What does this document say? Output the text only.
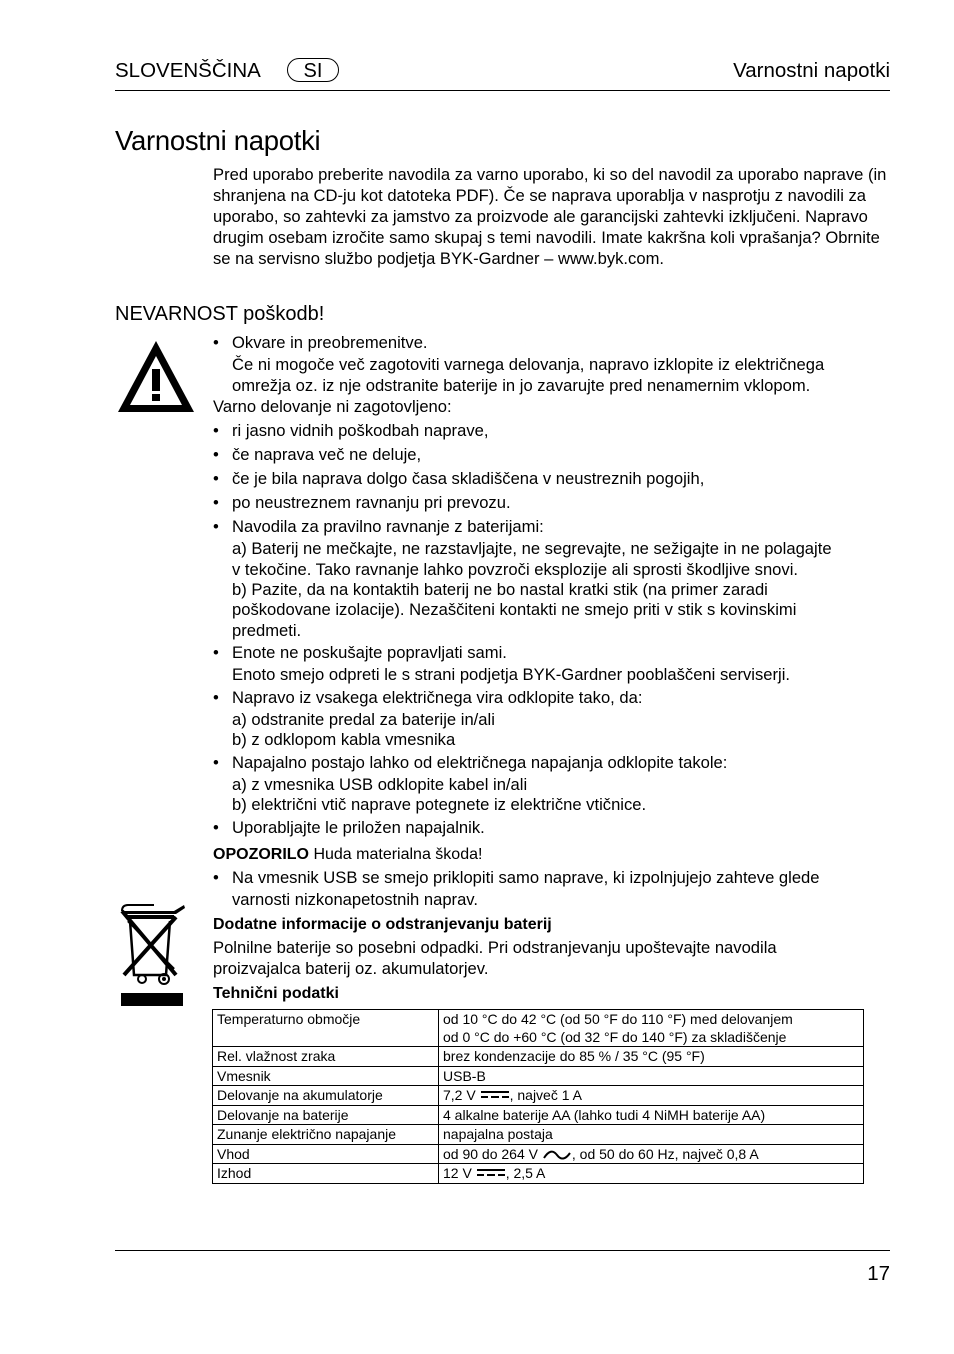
SLOVENŠČINA	SI	Varnostni napotki
Varnostni napotki
Pred uporabo preberite navodila za varno uporabo, ki so del navodil za uporabo naprave (in shranjena na CD-ju kot datoteka PDF). Če se naprava uporablja v nasprotju z navodili za uporabo, so zahtevki za jamstvo za proizvode ale garancijski zahtevki izključeni. Napravo drugim osebam izročite samo skupaj s temi navodili. Imate kakršna koli vprašanja? Obrnite se na servisno službo podjetja BYK-Gardner – www.byk.com.
NEVARNOST poškodb!
• Okvare in preobremenitve.
Če ni mogoče več zagotoviti varnega delovanja, napravo izklopite iz električnega
omrežja oz. iz nje odstranite baterije in jo zavarujte pred nenamernim vklopom.
Varno delovanje ni zagotovljeno:
• ri jasno vidnih poškodbah naprave,
• če naprava več ne deluje,
• če je bila naprava dolgo časa skladiščena v neustreznih pogojih,
• po neustreznem ravnanju pri prevozu.
• Navodila za pravilno ravnanje z baterijami:
a) Baterij ne mečkajte, ne razstavljajte, ne segrevajte, ne sežigajte in ne polagajte
v tekočine. Tako ravnanje lahko povzroči eksplozije ali sprosti škodljive snovi.
b) Pazite, da na kontaktih baterij ne bo nastal kratki stik (na primer zaradi
poškodovane izolacije). Nezaščiteni kontakti ne smejo priti v stik s kovinskimi
predmeti.
• Enote ne poskušajte popravljati sami.
Enoto smejo odpreti le s strani podjetja BYK-Gardner pooblaščeni serviserji.
• Napravo iz vsakega električnega vira odklopite tako, da:
a) odstranite predal za baterije in/ali
b) z odklopom kabla vmesnika
• Napajalno postajo lahko od električnega napajanja odklopite takole:
a) z vmesnika USB odklopite kabel in/ali
b) električni vtič naprave potegnete iz električne vtičnice.
• Uporabljajte le priložen napajalnik.
OPOZORILO Huda materialna škoda!
• Na vmesnik USB se smejo priklopiti samo naprave, ki izpolnjujejo zahteve glede
varnosti nizkonapetostnih naprav.
Dodatne informacije o odstranjevanju baterij
Polnilne baterije so posebni odpadki. Pri odstranjevanju upoštevajte navodila
proizvajalca baterij oz. akumulatorjev.
Tehnični podatki
Temperaturno območje	od 10 °C do 42 °C (od 50 °F do 110 °F) med delovanjem
od 0 °C do +60 °C (od 32 °F do 140 °F) za skladiščenje

Rel. vlažnost zraka	brez kondenzacije do 85 % / 35 °C (95 °F)
Vmesnik	USB-B
Delovanje na akumulatorje	7,2 V , največ 1 A
Delovanje na baterije	4 alkalne baterije AA (lahko tudi 4 NiMH baterije AA)
Zunanje električno napajanje	napajalna postaja
Vhod	od 90 do 264 V , od 50 do 60 Hz, največ 0,8 A
Izhod	12 V , 2,5 A
17
